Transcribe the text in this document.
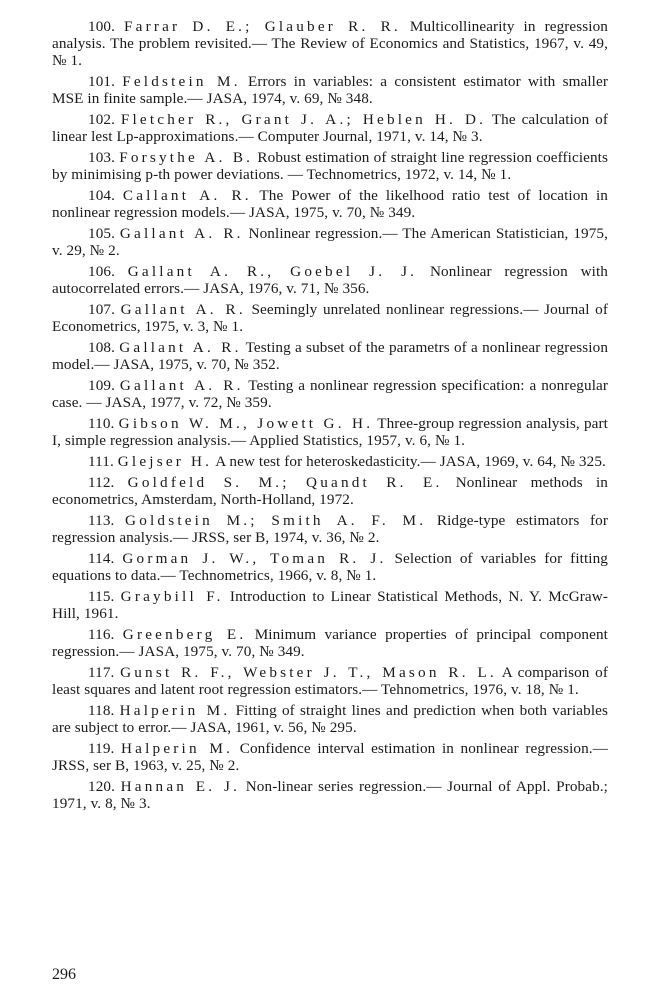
100. Farrar D. E.; Glauber R. R. Multicollinearity in regression analysis. The problem revisited.— The Review of Economics and Statistics, 1967, v. 49, № 1.

101. Feldstein M. Errors in variables: a consistent estimator with smaller MSE in finite sample.— JASA, 1974, v. 69, № 348.

102. Fletcher R., Grant J. A.; Heblen H. D. The calculation of linear lest Lp-approximations.— Computer Journal, 1971, v. 14, № 3.

103. Forsythe A. B. Robust estimation of straight line regression coefficients by minimising p-th power deviations. — Technometrics, 1972, v. 14, № 1.

104. Callant A. R. The Power of the likelhood ratio test of location in nonlinear regression models.— JASA, 1975, v. 70, № 349.

105. Gallant A. R. Nonlinear regression.— The American Statistician, 1975, v. 29, № 2.

106. Gallant A. R., Goebel J. J. Nonlinear regression with autocorrelated errors.— JASA, 1976, v. 71, № 356.

107. Gallant A. R. Seemingly unrelated nonlinear regressions.— Journal of Econometrics, 1975, v. 3, № 1.

108. Gallant A. R. Testing a subset of the parametrs of a nonlinear regression model.— JASA, 1975, v. 70, № 352.

109. Gallant A. R. Testing a nonlinear regression specification: a nonregular case. — JASA, 1977, v. 72, № 359.

110. Gibson W. M., Jowett G. H. Three-group regression analysis, part I, simple regression analysis.— Applied Statistics, 1957, v. 6, № 1.

111. Glejser H. A new test for heteroskedasticity.— JASA, 1969, v. 64, № 325.

112. Goldfeld S. M.; Quandt R. E. Nonlinear methods in econometrics, Amsterdam, North-Holland, 1972.

113. Goldstein M.; Smith A. F. M. Ridge-type estimators for regression analysis.— JRSS, ser B, 1974, v. 36, № 2.

114. Gorman J. W., Toman R. J. Selection of variables for fitting equations to data.— Technometrics, 1966, v. 8, № 1.

115. Graybill F. Introduction to Linear Statistical Methods, N. Y. McGraw-Hill, 1961.

116. Greenberg E. Minimum variance properties of principal component regression.— JASA, 1975, v. 70, № 349.

117. Gunst R. F., Webster J. T., Mason R. L. A comparison of least squares and latent root regression estimators.— Tehnometrics, 1976, v. 18, № 1.

118. Halperin M. Fitting of straight lines and prediction when both variables are subject to error.— JASA, 1961, v. 56, № 295.

119. Halperin M. Confidence interval estimation in nonlinear regression.— JRSS, ser B, 1963, v. 25, № 2.

120. Hannan E. J. Non-linear series regression.— Journal of Appl. Probab.; 1971, v. 8, № 3.

296
